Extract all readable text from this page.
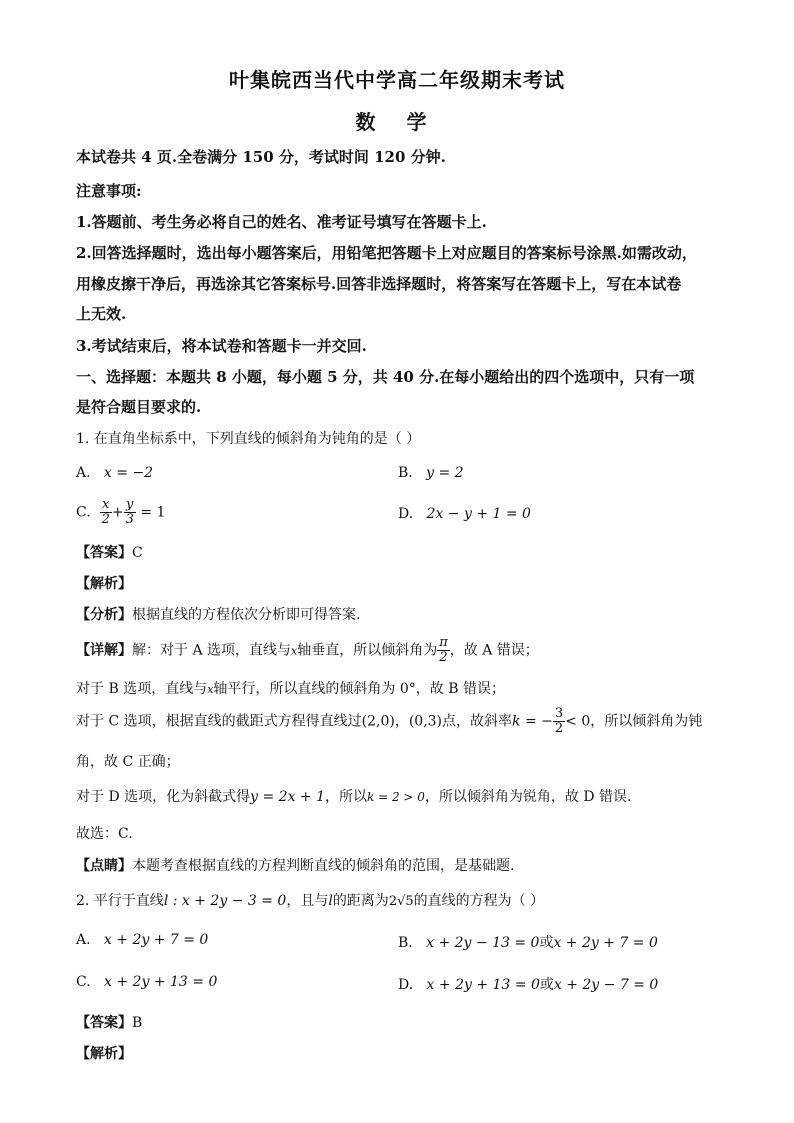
叶集皖西当代中学高二年级期末考试
数 学
本试卷共 4 页.全卷满分 150 分，考试时间 120 分钟.
注意事项:
1.答题前、考生务必将自己的姓名、准考证号填写在答题卡上.
2.回答选择题时，选出每小题答案后，用铅笔把答题卡上对应题目的答案标号涂黑.如需改动，
用橡皮擦干净后，再选涂其它答案标号.回答非选择题时，将答案写在答题卡上，写在本试卷
上无效.
3.考试结束后，将本试卷和答题卡一并交回.
一、选择题：本题共 8 小题，每小题 5 分，共 40 分.在每小题给出的四个选项中，只有一项
是符合题目要求的.
1. 在直角坐标系中，下列直线的倾斜角为钝角的是（ ）
A. x = −2	B. y = 2
C. $\frac{x}{2} + \frac{y}{3} = 1$	D. 2x − y + 1 = 0
【答案】C
【解析】
【分析】根据直线的方程依次分析即可得答案.
【详解】解：对于 A 选项，直线与x轴垂直，所以倾斜角为 $\frac{\pi}{2}$ ，故 A 错误；
对于 B 选项，直线与x轴平行，所以直线的倾斜角为 0°，故 B 错误；
对于 C 选项，根据直线的截距式方程得直线过(2,0)，(0,3)点，故斜率k = − $\frac{3}{2} < 0$，所以倾斜角为钝
角，故 C 正确；
对于 D 选项，化为斜截式得y = 2x + 1，所以k = 2 > 0，所以倾斜角为锐角，故 D 错误.
故选：C.
【点睛】本题考查根据直线的方程判断直线的倾斜角的范围，是基础题.
2. 平行于直线l : x + 2y − 3 = 0，且与l的距离为2√5的直线的方程为（ ）
A. x + 2y + 7 = 0	B. x + 2y − 13 = 0或x + 2y + 7 = 0
C. x + 2y + 13 = 0	D. x + 2y + 13 = 0或x + 2y − 7 = 0
【答案】B
【解析】
